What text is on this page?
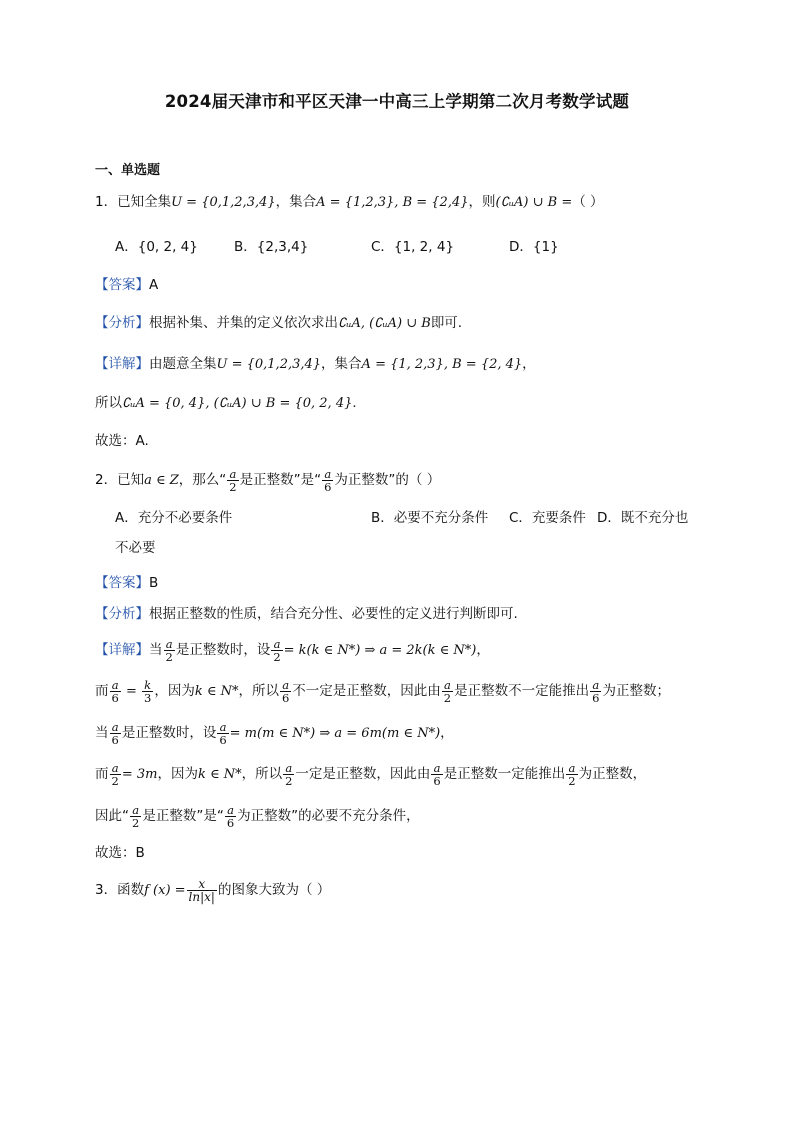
2024届天津市和平区天津一中高三上学期第二次月考数学试题
一、单选题
1．已知全集U = {0,1,2,3,4}，集合A = {1,2,3}, B = {2,4}，则(∁ᵤA) ∪ B =（ ）
A．{0, 2, 4}	B．{2,3,4}	C．{1, 2, 4}	D．{1}
【答案】A
【分析】根据补集、并集的定义依次求出∁ᵤA, (∁ᵤA) ∪ B即可.
【详解】由题意全集U = {0,1,2,3,4}，集合A = {1, 2,3}, B = {2, 4}，
所以∁ᵤA = {0, 4}, (∁ᵤA) ∪ B = {0, 2, 4}.
故选：A.
2．已知a ∈ Z，那么“ $\frac{a}{2}$ 是正整数”是“ $\frac{a}{6}$ 为正整数”的（ ）
A．充分不必要条件	B．必要不充分条件 C．充要条件 D．既不充分也
不必要
【答案】B
【分析】根据正整数的性质，结合充分性、必要性的定义进行判断即可.
【详解】当 $\frac{a}{2}$ 是正整数时，设 $\frac{a}{2} = k(k$ ∈ N*) ⇒ a = 2k(k ∈ N*)，
而 $\frac{a}{6} = \frac{k}{3}$ ，因为k ∈ N*，所以 $\frac{a}{6}$ 不一定是正整数，因此由 $\frac{a}{2}$ 是正整数不一定能推出 $\frac{a}{6}$ 为正整数；
当 $\frac{a}{6}$ 是正整数时，设 $\frac{a}{6} = m(m$ ∈ N*) ⇒ a = 6m(m ∈ N*)，
而 $\frac{a}{2} = 3m$，因为k ∈ N*，所以 $\frac{a}{2}$ 一定是正整数，因此由 $\frac{a}{6}$ 是正整数一定能推出 $\frac{a}{2}$ 为正整数，
因此“ $\frac{a}{2}$ 是正整数”是“ $\frac{a}{6}$ 为正整数”的必要不充分条件，
故选：B
3．函数f $(x) = \frac{x}{\ln|x|}$ 的图象大致为（ ）
